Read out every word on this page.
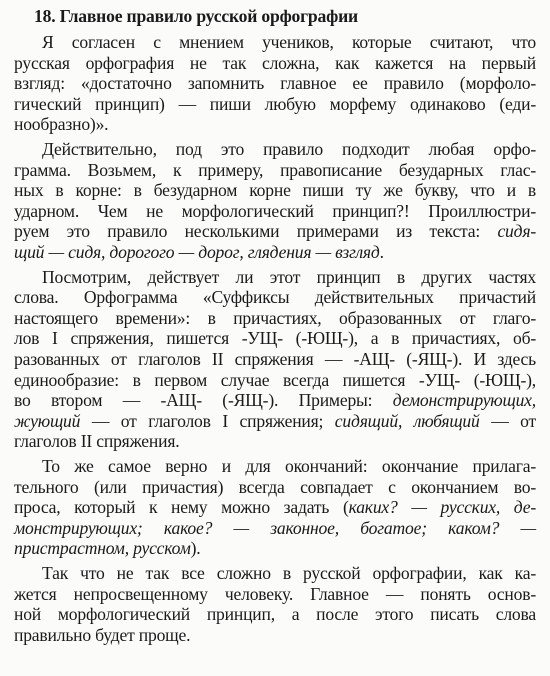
18. Главное правило русской орфографии
Я согласен с мнением учеников, которые считают, что
русская орфография не так сложна, как кажется на первый
взгляд: «достаточно запомнить главное ее правило (морфоло-
гический принцип) — пиши любую морфему одинаково (еди-
нообразно)».
Действительно, под это правило подходит любая орфо-
грамма. Возьмем, к примеру, правописание безударных глас-
ных в корне: в безударном корне пиши ту же букву, что и в
ударном. Чем не морфологический принцип?! Проиллюстри-
руем это правило несколькими примерами из текста: сидя-
щий — сидя, дорогого — дорог, глядения — взгляд.
Посмотрим, действует ли этот принцип в других частях
слова. Орфограмма «Суффиксы действительных причастий
настоящего времени»: в причастиях, образованных от глаго-
лов I спряжения, пишется -УЩ- (-ЮЩ-), а в причастиях, об-
разованных от глаголов II спряжения — -АЩ- (-ЯЩ-). И здесь
единообразие: в первом случае всегда пишется -УЩ- (-ЮЩ-),
во втором — -АЩ- (-ЯЩ-). Примеры: демонстрирующих,
жующий — от глаголов I спряжения; сидящий, любящий — от
глаголов II спряжения.
То же самое верно и для окончаний: окончание прилага-
тельного (или причастия) всегда совпадает с окончанием во-
проса, который к нему можно задать (каких? — русских, де-
монстрирующих; какое? — законное, богатое; каком? —
пристрастном, русском).
Так что не так все сложно в русской орфографии, как ка-
жется непросвещенному человеку. Главное — понять основ-
ной морфологический принцип, а после этого писать слова
правильно будет проще.
